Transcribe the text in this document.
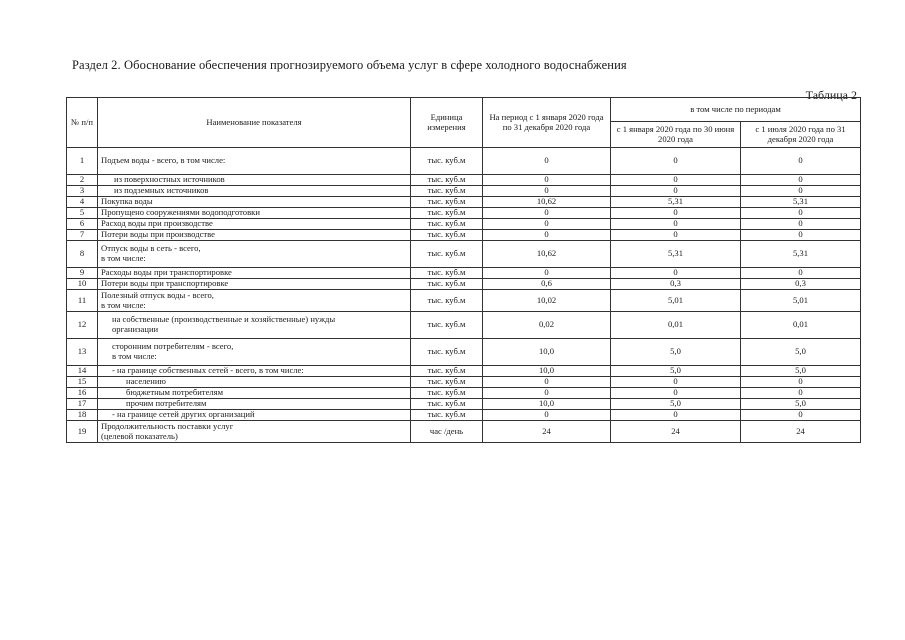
Раздел 2. Обоснование обеспечения прогнозируемого объема услуг в сфере холодного водоснабжения
Таблица 2
№ п/п	Наименование показателя	Единица измерения	На период с 1 января 2020 года по 31 декабря 2020 года	в том числе по периодам	
				с 1 января 2020 года по 30 июня 2020 года	с 1 июля 2020 года по 31 декабря 2020 года
1	Подъем воды - всего, в том числе:	тыс. куб.м	0	0	0
2	из поверхностных источников	тыс. куб.м	0	0	0
3	из подземных источников	тыс. куб.м	0	0	0
4	Покупка воды	тыс. куб.м	10,62	5,31	5,31
5	Пропущено сооружениями водоподготовки	тыс. куб.м	0	0	0
6	Расход воды при производстве	тыс. куб.м	0	0	0
7	Потери воды при производстве	тыс. куб.м	0	0	0
8	Отпуск воды в сеть - всего,
в том числе:	тыс. куб.м	10,62	5,31	5,31
9	Расходы воды при транспортировке	тыс. куб.м	0	0	0
10	Потери воды при транспортировке	тыс. куб.м	0,6	0,3	0,3
11	Полезный отпуск воды - всего,
в том числе:	тыс. куб.м	10,02	5,01	5,01
12	на собственные (производственные и хозяйственные) нужды
организации	тыс. куб.м	0,02	0,01	0,01
13	сторонним потребителям - всего,
в том числе:	тыс. куб.м	10,0	5,0	5,0
14	- на границе собственных сетей - всего, в том числе:	тыс. куб.м	10,0	5,0	5,0
15	населению	тыс. куб.м	0	0	0
16	бюджетным потребителям	тыс. куб.м	0	0	0
17	прочим потребителям	тыс. куб.м	10,0	5,0	5,0
18	- на границе сетей других организаций	тыс. куб.м	0	0	0
19	Продолжительность поставки услуг
(целевой показатель)	час /день	24	24	24
